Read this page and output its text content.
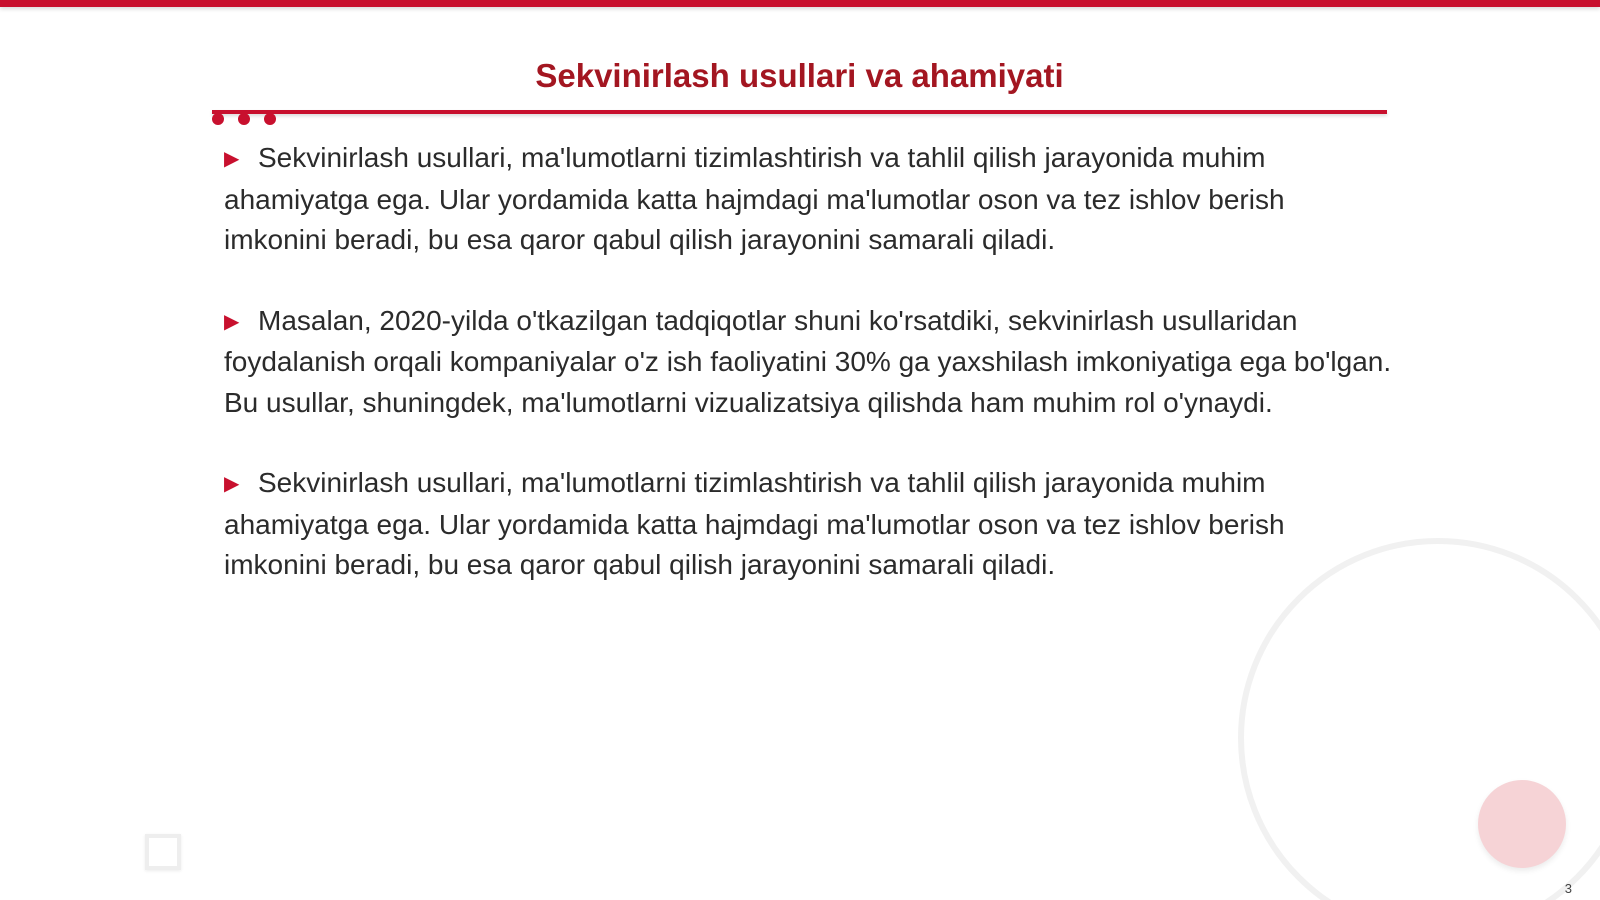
Sekvinirlash usullari va ahamiyati

▶ Sekvinirlash usullari, ma'lumotlarni tizimlashtirish va tahlil qilish jarayonida muhim ahamiyatga ega. Ular yordamida katta hajmdagi ma'lumotlar oson va tez ishlov berish imkonini beradi, bu esa qaror qabul qilish jarayonini samarali qiladi.

▶ Masalan, 2020-yilda o'tkazilgan tadqiqotlar shuni ko'rsatdiki, sekvinirlash usullaridan foydalanish orqali kompaniyalar o'z ish faoliyatini 30% ga yaxshilash imkoniyatiga ega bo'lgan. Bu usullar, shuningdek, ma'lumotlarni vizualizatsiya qilishda ham muhim rol o'ynaydi.

▶ Sekvinirlash usullari, ma'lumotlarni tizimlashtirish va tahlil qilish jarayonida muhim ahamiyatga ega. Ular yordamida katta hajmdagi ma'lumotlar oson va tez ishlov berish imkonini beradi, bu esa qaror qabul qilish jarayonini samarali qiladi.

3
